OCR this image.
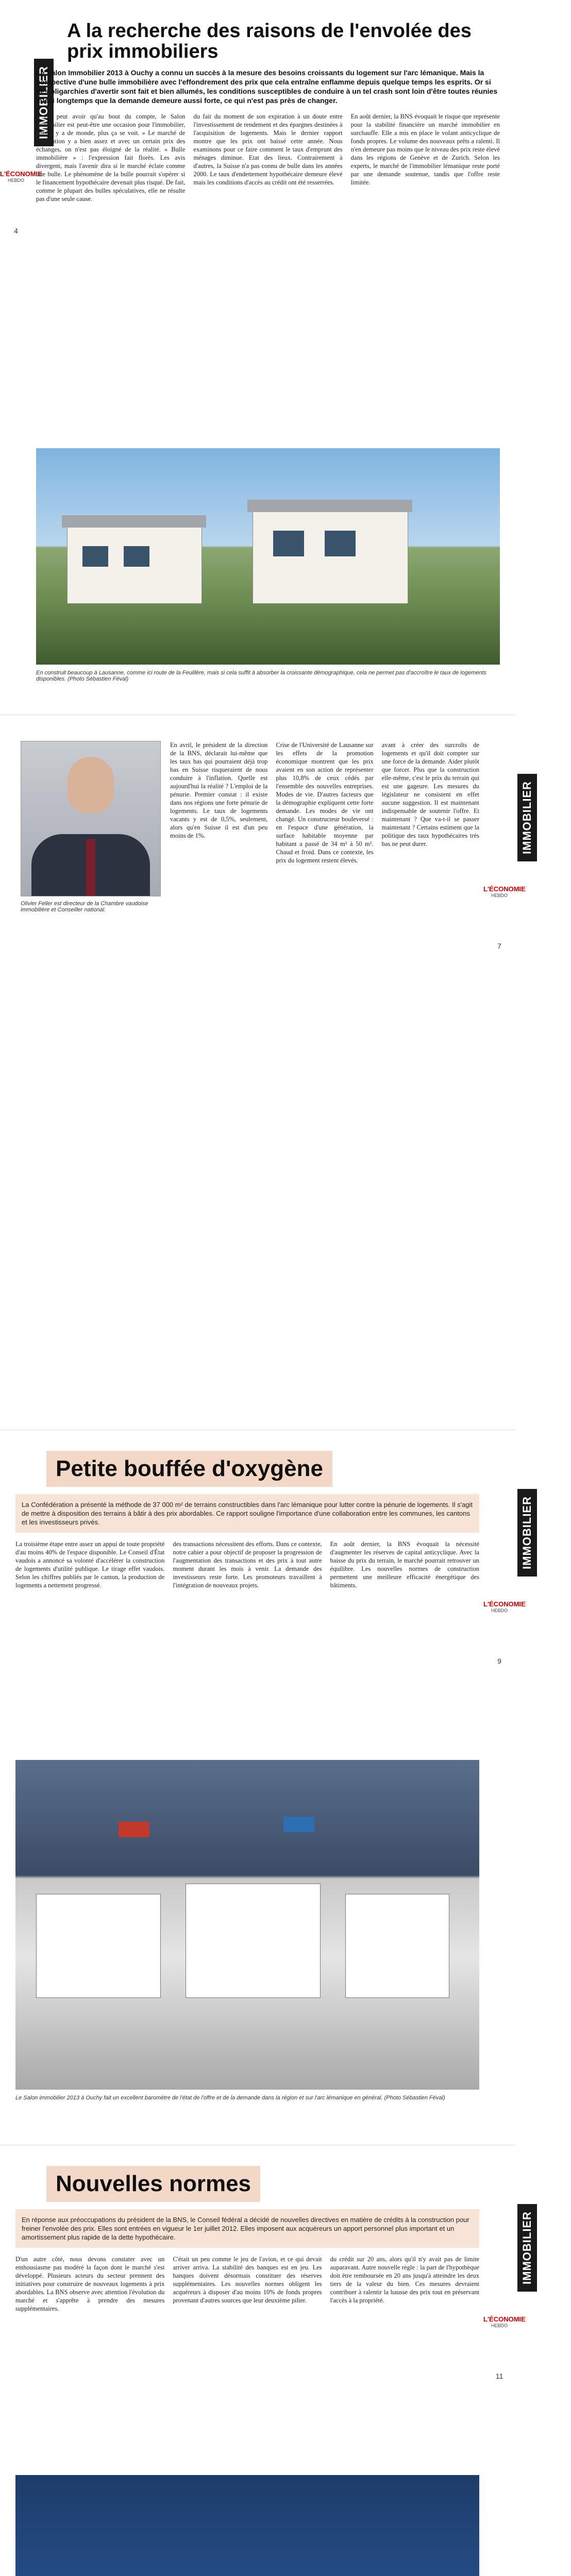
IMMOBILIER
L'ÉCONOMIE
HEBDO
4
A la recherche des raisons de l'envolée des prix immobiliers

Le Salon Immobilier 2013 à Ouchy a connu un succès à la mesure des besoins croissants du logement sur l'arc lémanique. Mais la perspective d'une bulle immobilière avec l'effondrement des prix que cela entraîne enflamme depuis quelque temps les esprits. Or si des oligarchies d'avertir sont fait et bien allumés, les conditions susceptibles de conduire à un tel crash sont loin d'être toutes réunies aussi longtemps que la demande demeure aussi forte, ce qui n'est pas près de changer.

« On peut avoir qu'au bout du compte, le Salon Immobilier est peut-être une occasion pour l'immobilier, plus il y a de monde, plus ça se voit. » Le marché de l'habitation y a bien assez et avec un certain prix des échanges, on n'est pas éloigné de la réalité. « Bulle immobilière » : l'expression fait florès. Les avis divergent, mais l'avenir dira si le marché éclate comme une bulle. Le phénomène de la bulle pourrait s'opérer si le financement hypothécaire devenait plus risqué. De fait, comme le plupart des bulles spéculatives, elle ne résulte pas d'une seule cause.

du fait du moment de son expiration à un doute entre l'investissement de rendement et des épargnes destinées à l'acquisition de logements. Mais le dernier rapport montre que les prix ont baissé cette année. Nous examinons pour ce faire comment le taux d'emprunt des ménages diminue. Etat des lieux. Contrairement à d'autres, la Suisse n'a pas connu de bulle dans les années 2000. Le taux d'endettement hypothécaire demeure élevé mais les conditions d'accès au crédit ont été resserrées.

En août dernier, la BNS évoquait le risque que représente pour la stabilité financière un marché immobilier en surchauffe. Elle a mis en place le volant anticyclique de fonds propres. Le volume des nouveaux prêts a ralenti. Il n'en demeure pas moins que le niveau des prix reste élevé dans les régions de Genève et de Zurich. Selon les experts, le marché de l'immobilier lémanique reste porté par une demande soutenue, tandis que l'offre reste limitée.

En construit beaucoup à Lausanne, comme ici route de la Feuillère, mais si cela suffit à absorber la croissante démographique, cela ne permet pas d'accroître le taux de logements disponibles. (Photo Sébastien Féval)
IMMOBILIER
L'ÉCONOMIE
HEBDO
7
Olivier Feller est directeur de la Chambre vaudoise immobilière et Conseiller national.

En avril, le président de la direction de la BNS, déclarait lui-même que les taux bas qui pourraient déjà trop bas en Suisse risqueraient de nous conduire à l'inflation. Quelle est aujourd'hui la réalité ? L'emploi de la pénurie. Premier constat : il existe dans nos régions une forte pénurie de logements. Le taux de logements vacants y est de 0,5%, seulement, alors qu'en Suisse il est d'un peu moins de 1%.

Crise de l'Université de Lausanne sur les effets de la promotion économique montrent que les prix avaient en son action de représenter plus 10,8% de ceux cédés par l'ensemble des nouvelles entreprises. Modes de vie. D'autres facteurs que la démographie expliquent cette forte demande. Les modes de vie ont changé. Un constructeur bouleversé : en l'espace d'une génération, la surface habitable moyenne par habitant a passé de 34 m² à 50 m². Chaud et froid. Dans ce contexte, les prix du logement restent élevés.

avant à créer des surcroîts de logements et qu'il doit compter sur une force de la demande. Aider plutôt que forcer. Plus que la construction elle-même, c'est le prix du terrain qui est une gageure. Les mesures du législateur ne consistent en effet aucune suggestion. Il est maintenant indispensable de soutenir l'offre. Et maintenant ? Que va-t-il se passer maintenant ? Certains estiment que la politique des taux hypothécaires très bas ne peut durer.

IMMOBILIER
L'ÉCONOMIE
HEBDO
9
Petite bouffée d'oxygène
La Confédération a présenté la méthode de 37 000 m² de terrains constructibles dans l'arc lémanique pour lutter contre la pénurie de logements. Il s'agit de mettre à disposition des terrains à bâtir à des prix abordables. Ce rapport souligne l'importance d'une collaboration entre les communes, les cantons et les investisseurs privés.

La troisième étape entre assez un appui de toute propriété d'au moins 40% de l'espace disponible. Le Conseil d'État vaudois a annoncé sa volonté d'accélérer la construction de logements d'utilité publique. Le tirage effet vaudois. Selon les chiffres publiés par le canton, la production de logements a nettement progressé.

des transactions nécessitent des efforts. Dans ce contexte, notre cahier a pour objectif de proposer la progression de l'augmentation des transactions et des prix à tout autre moment durant les mois à venir. La demande des investisseurs reste forte. Les promoteurs travaillent à l'intégration de nouveaux projets.

En août dernier, la BNS évoquait la nécessité d'augmenter les réserves de capital anticyclique. Avec la baisse du prix du terrain, le marché pourrait retrouver un équilibre. Les nouvelles normes de construction permettent une meilleure efficacité énergétique des bâtiments.

Le Salon immobilier 2013 à Ouchy fait un excellent baromètre de l'état de l'offre et de la demande dans la région et sur l'arc lémanique en général. (Photo Sébastien Féval)
IMMOBILIER
L'ÉCONOMIE
HEBDO
11
Nouvelles normes
En réponse aux préoccupations du président de la BNS, le Conseil fédéral a décidé de nouvelles directives en matière de crédits à la construction pour freiner l'envolée des prix. Elles sont entrées en vigueur le 1er juillet 2012. Elles imposent aux acquéreurs un apport personnel plus important et un amortissement plus rapide de la dette hypothécaire.

D'un autre côté, nous devons constater avec un enthousiasme pas modéré la façon dont le marché s'est développé. Plusieurs acteurs du secteur prennent des initiatives pour construire de nouveaux logements à prix abordables. La BNS observe avec attention l'évolution du marché et s'apprête à prendre des mesures supplémentaires.

C'était un peu comme le jeu de l'avion, et ce qui devait arriver arriva. La stabilité des banques est en jeu. Les banques doivent désormais constituer des réserves supplémentaires. Les nouvelles normes obligent les acquéreurs à disposer d'au moins 10% de fonds propres provenant d'autres sources que leur deuxième pilier.

du crédit sur 20 ans, alors qu'il n'y avait pas de limite auparavant. Autre nouvelle règle : la part de l'hypothèque doit être remboursée en 20 ans jusqu'à atteindre les deux tiers de la valeur du bien. Ces mesures devraient contribuer à ralentir la hausse des prix tout en préservant l'accès à la propriété.
